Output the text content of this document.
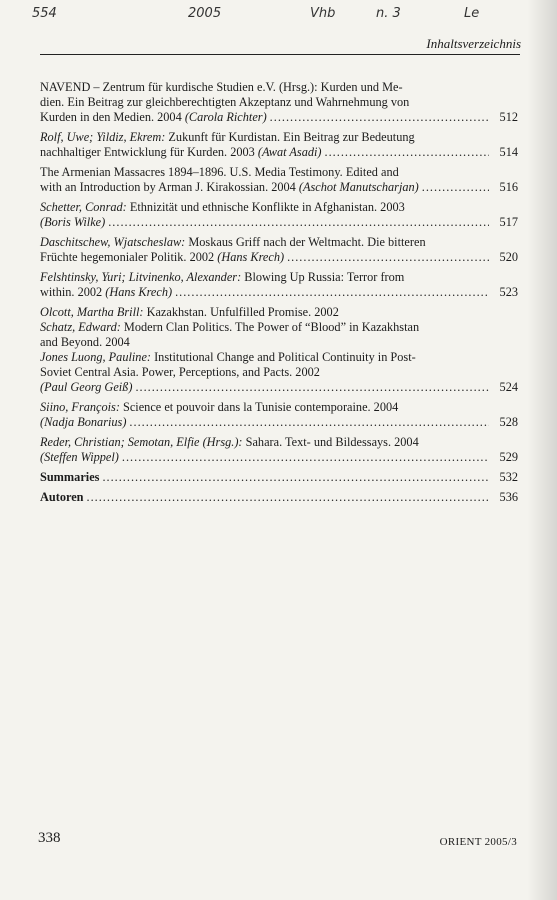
554	2005	Vhb	n. 3	Le
Inhaltsverzeichnis
NAVEND – Zentrum für kurdische Studien e.V. (Hrsg.): Kurden und Me-
dien. Ein Beitrag zur gleichberechtigten Akzeptanz und Wahrnehmung von
Kurden in den Medien. 2004 (Carola Richter) .....	512
Rolf, Uwe; Yildiz, Ekrem: Zukunft für Kurdistan. Ein Beitrag zur Bedeutung
nachhaltiger Entwicklung für Kurden. 2003 (Awat Asadi) .....	514
The Armenian Massacres 1894–1896. U.S. Media Testimony. Edited and
with an Introduction by Arman J. Kirakossian. 2004 (Aschot Manutscharjan) .....	516
Schetter, Conrad: Ethnizität und ethnische Konflikte in Afghanistan. 2003
(Boris Wilke) .....	517
Daschitschew, Wjatscheslaw: Moskaus Griff nach der Weltmacht. Die bitteren
Früchte hegemonialer Politik. 2002 (Hans Krech) .....	520
Felshtinsky, Yuri; Litvinenko, Alexander: Blowing Up Russia: Terror from
within. 2002 (Hans Krech) .....	523
Olcott, Martha Brill: Kazakhstan. Unfulfilled Promise. 2002
Schatz, Edward: Modern Clan Politics. The Power of “Blood” in Kazakhstan
and Beyond. 2004
Jones Luong, Pauline: Institutional Change and Political Continuity in Post-
Soviet Central Asia. Power, Perceptions, and Pacts. 2002
(Paul Georg Geiß) .....	524
Siino, François: Science et pouvoir dans la Tunisie contemporaine. 2004
(Nadja Bonarius) .....	528
Reder, Christian; Semotan, Elfie (Hrsg.): Sahara. Text- und Bildessays. 2004
(Steffen Wippel) .....	529
Summaries .....	532
Autoren .....	536
338	ORIENT 2005/3
